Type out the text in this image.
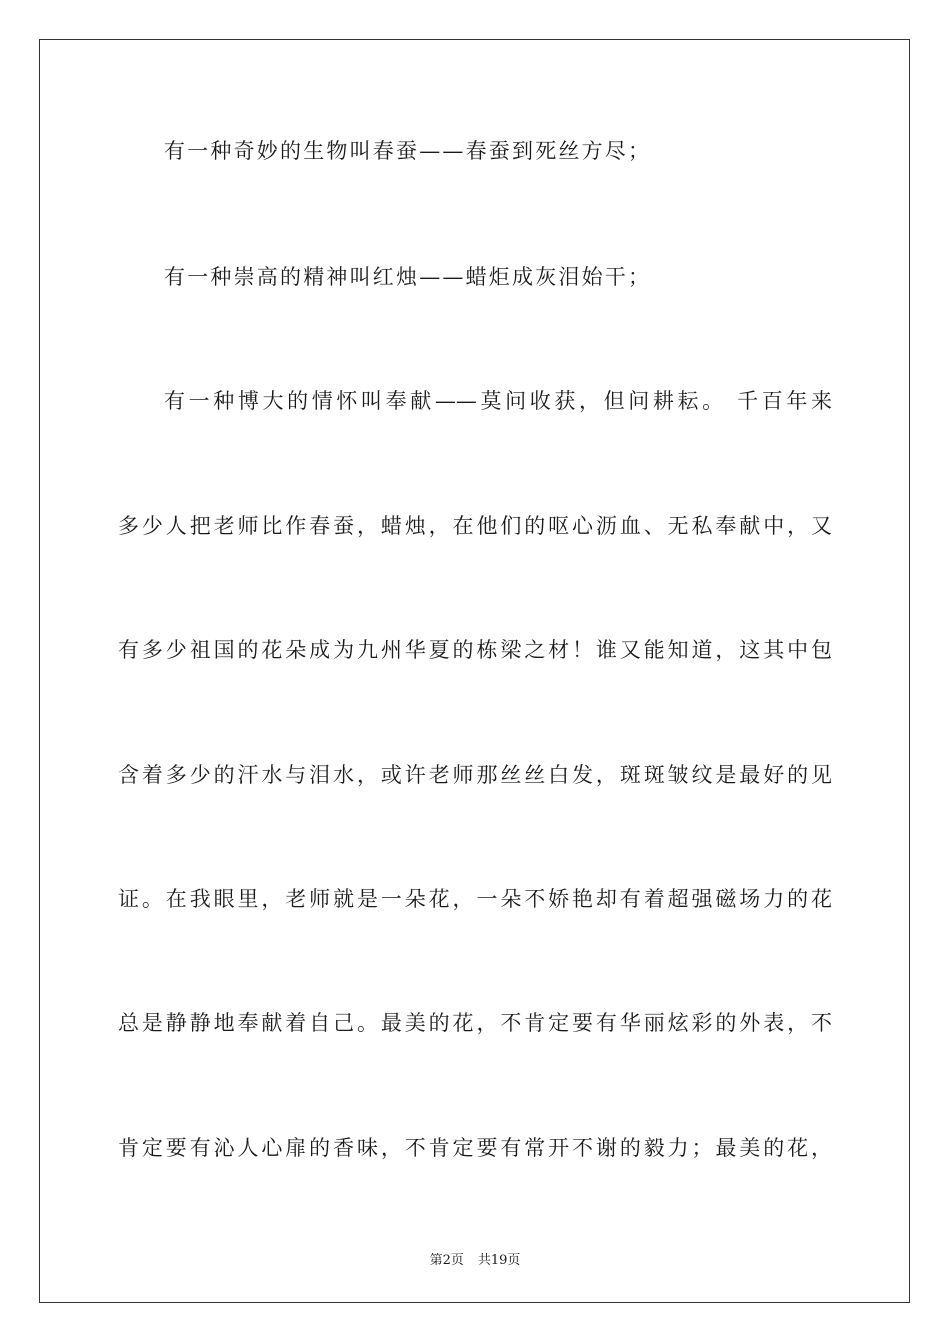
有一种奇妙的生物叫春蚕——春蚕到死丝方尽；
有一种崇高的精神叫红烛——蜡炬成灰泪始干；
有一种博大的情怀叫奉献——莫问收获，但问耕耘。 千百年来
多少人把老师比作春蚕，蜡烛，在他们的呕心沥血、无私奉献中，又
有多少祖国的花朵成为九州华夏的栋梁之材！谁又能知道，这其中包
含着多少的汗水与泪水，或许老师那丝丝白发，斑斑皱纹是最好的见
证。在我眼里，老师就是一朵花，一朵不娇艳却有着超强磁场力的花
总是静静地奉献着自己。最美的花，不肯定要有华丽炫彩的外表，不
肯定要有沁人心扉的香味，不肯定要有常开不谢的毅力；最美的花，
第2页 共19页
